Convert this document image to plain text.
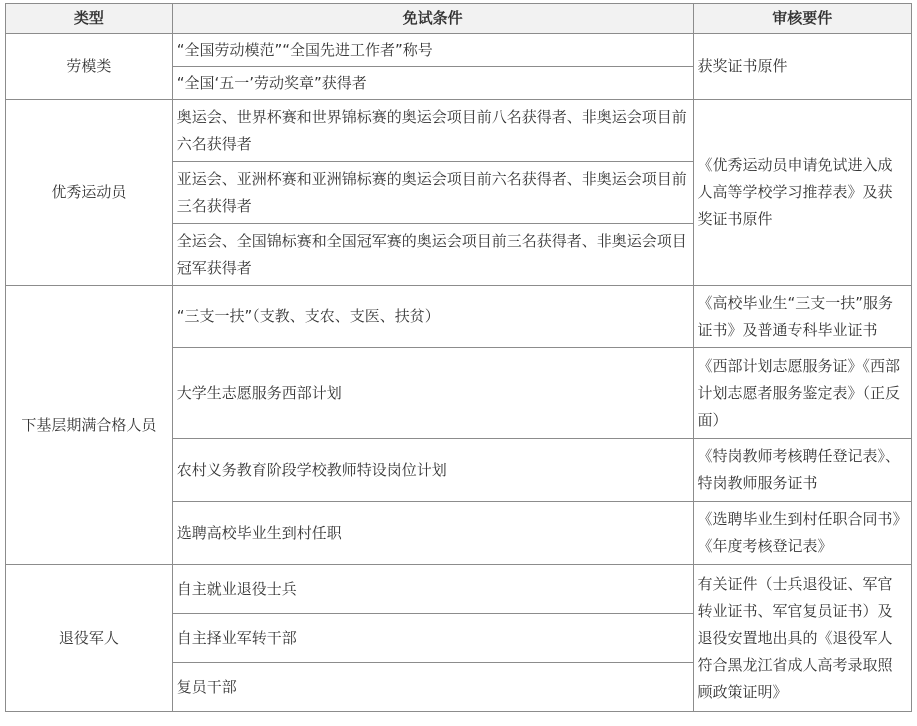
类型	免试条件	审核要件
劳模类	“全国劳动模范”“全国先进工作者”称号	获奖证书原件
	“全国‘五一’劳动奖章”获得者	
优秀运动员	奥运会、世界杯赛和世界锦标赛的奥运会项目前八名获得者、非奥运会项目前六名获得者	《优秀运动员申请免试进入成人高等学校学习推荐表》及获奖证书原件
	亚运会、亚洲杯赛和亚洲锦标赛的奥运会项目前六名获得者、非奥运会项目前三名获得者	
	全运会、全国锦标赛和全国冠军赛的奥运会项目前三名获得者、非奥运会项目冠军获得者	
下基层期满合格人员	“三支一扶”（支教、支农、支医、扶贫）	《高校毕业生“三支一扶”服务证书》及普通专科毕业证书
	大学生志愿服务西部计划	《西部计划志愿服务证》《西部计划志愿者服务鉴定表》（正反面）
	农村义务教育阶段学校教师特设岗位计划	《特岗教师考核聘任登记表》、特岗教师服务证书
	选聘高校毕业生到村任职	《选聘毕业生到村任职合同书》《年度考核登记表》
退役军人	自主就业退役士兵	有关证件（士兵退役证、军官转业证书、军官复员证书）及退役安置地出具的《退役军人符合黑龙江省成人高考录取照顾政策证明》
	自主择业军转干部	
	复员干部	
